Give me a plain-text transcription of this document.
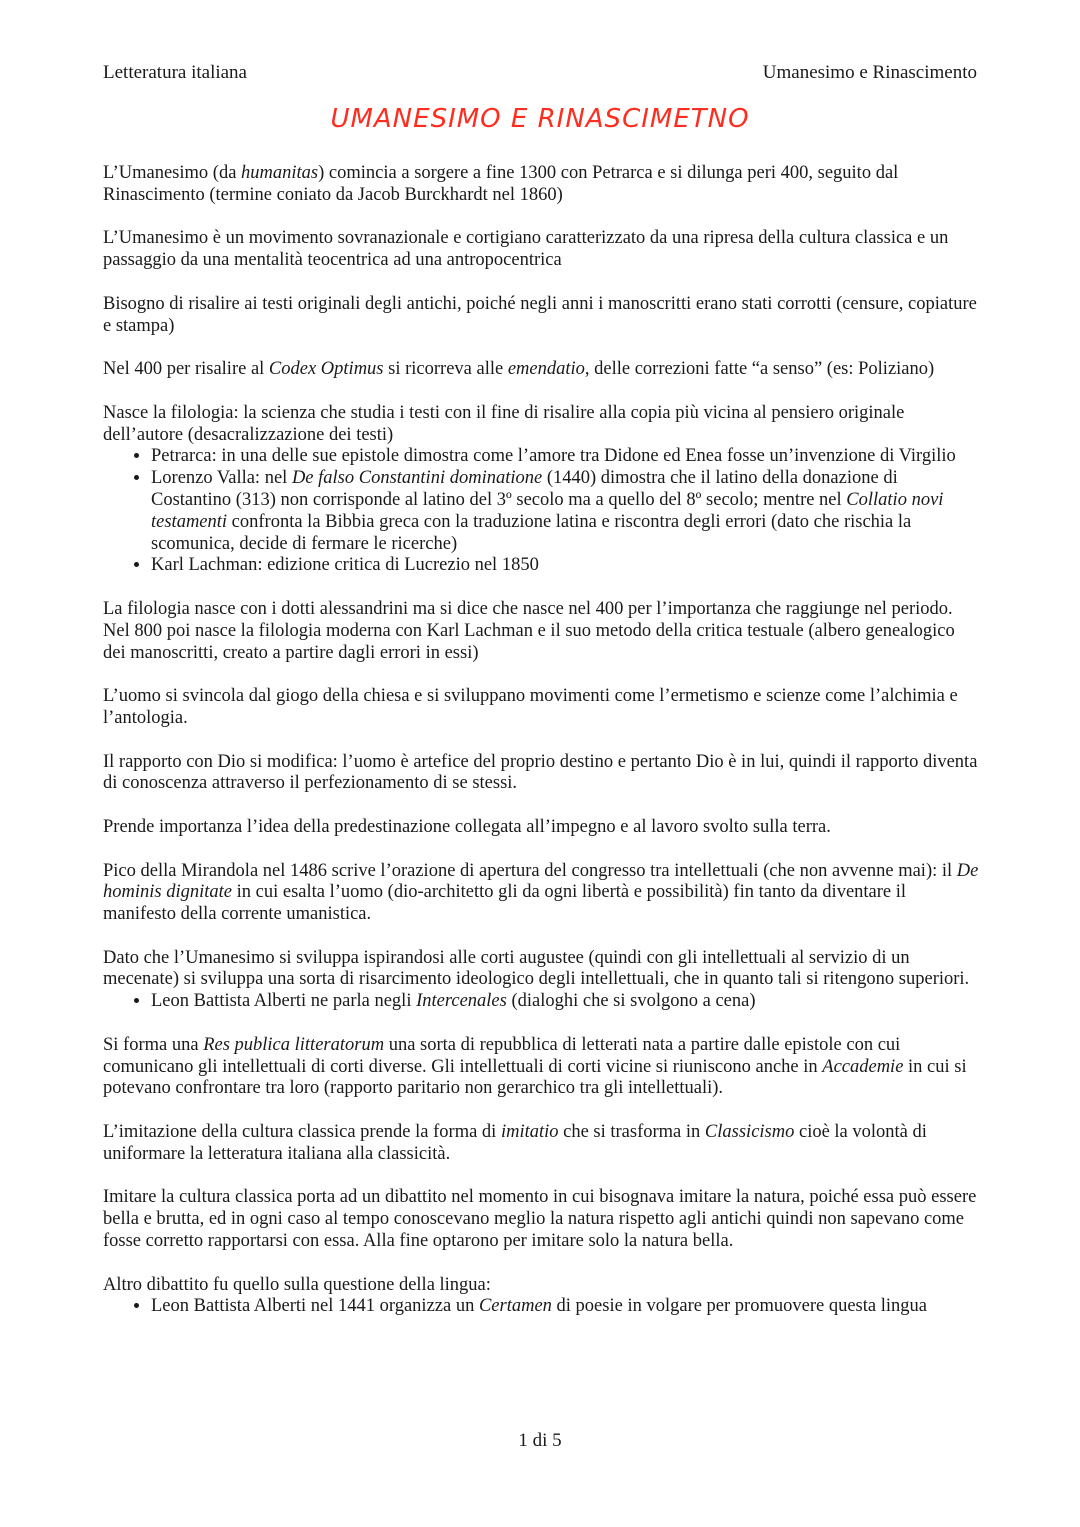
Letteratura italiana	Umanesimo e Rinascimento
UMANESIMO E RINASCIMETNO

L’Umanesimo (da humanitas) comincia a sorgere a fine 1300 con Petrarca e si dilunga peri 400, seguito dal Rinascimento (termine coniato da Jacob Burckhardt nel 1860)

L’Umanesimo è un movimento sovranazionale e cortigiano caratterizzato da una ripresa della cultura classica e un passaggio da una mentalità teocentrica ad una antropocentrica

Bisogno di risalire ai testi originali degli antichi, poiché negli anni i manoscritti erano stati corrotti (censure, copiature e stampa)

Nel 400 per risalire al Codex Optimus si ricorreva alle emendatio, delle correzioni fatte “a senso” (es: Poliziano)

Nasce la filologia: la scienza che studia i testi con il fine di risalire alla copia più vicina al pensiero originale dell’autore (desacralizzazione dei testi)

• Petrarca: in una delle sue epistole dimostra come l’amore tra Didone ed Enea fosse un’invenzione di Virgilio
• Lorenzo Valla: nel De falso Constantini dominatione (1440) dimostra che il latino della donazione di Costantino (313) non corrisponde al latino del 3º secolo ma a quello del 8º secolo; mentre nel Collatio novi testamenti confronta la Bibbia greca con la traduzione latina e riscontra degli errori (dato che rischia la scomunica, decide di fermare le ricerche)
• Karl Lachman: edizione critica di Lucrezio nel 1850

La filologia nasce con i dotti alessandrini ma si dice che nasce nel 400 per l’importanza che raggiunge nel periodo. Nel 800 poi nasce la filologia moderna con Karl Lachman e il suo metodo della critica testuale (albero genealogico dei manoscritti, creato a partire dagli errori in essi)

L’uomo si svincola dal giogo della chiesa e si sviluppano movimenti come l’ermetismo e scienze come l’alchimia e l’antologia.

Il rapporto con Dio si modifica: l’uomo è artefice del proprio destino e pertanto Dio è in lui, quindi il rapporto diventa di conoscenza attraverso il perfezionamento di se stessi.

Prende importanza l’idea della predestinazione collegata all’impegno e al lavoro svolto sulla terra.

Pico della Mirandola nel 1486 scrive l’orazione di apertura del congresso tra intellettuali (che non avvenne mai): il De hominis dignitate in cui esalta l’uomo (dio-architetto gli da ogni libertà e possibilità) fin tanto da diventare il manifesto della corrente umanistica.

Dato che l’Umanesimo si sviluppa ispirandosi alle corti augustee (quindi con gli intellettuali al servizio di un mecenate) si sviluppa una sorta di risarcimento ideologico degli intellettuali, che in quanto tali si ritengono superiori.

• Leon Battista Alberti ne parla negli Intercenales (dialoghi che si svolgono a cena)

Si forma una Res publica litteratorum una sorta di repubblica di letterati nata a partire dalle epistole con cui comunicano gli intellettuali di corti diverse. Gli intellettuali di corti vicine si riuniscono anche in Accademie in cui si potevano confrontare tra loro (rapporto paritario non gerarchico tra gli intellettuali).

L’imitazione della cultura classica prende la forma di imitatio che si trasforma in Classicismo cioè la volontà di uniformare la letteratura italiana alla classicità.

Imitare la cultura classica porta ad un dibattito nel momento in cui bisognava imitare la natura, poiché essa può essere bella e brutta, ed in ogni caso al tempo conoscevano meglio la natura rispetto agli antichi quindi non sapevano come fosse corretto rapportarsi con essa. Alla fine optarono per imitare solo la natura bella.

Altro dibattito fu quello sulla questione della lingua:

• Leon Battista Alberti nel 1441 organizza un Certamen di poesie in volgare per promuovere questa lingua
1 di 5
